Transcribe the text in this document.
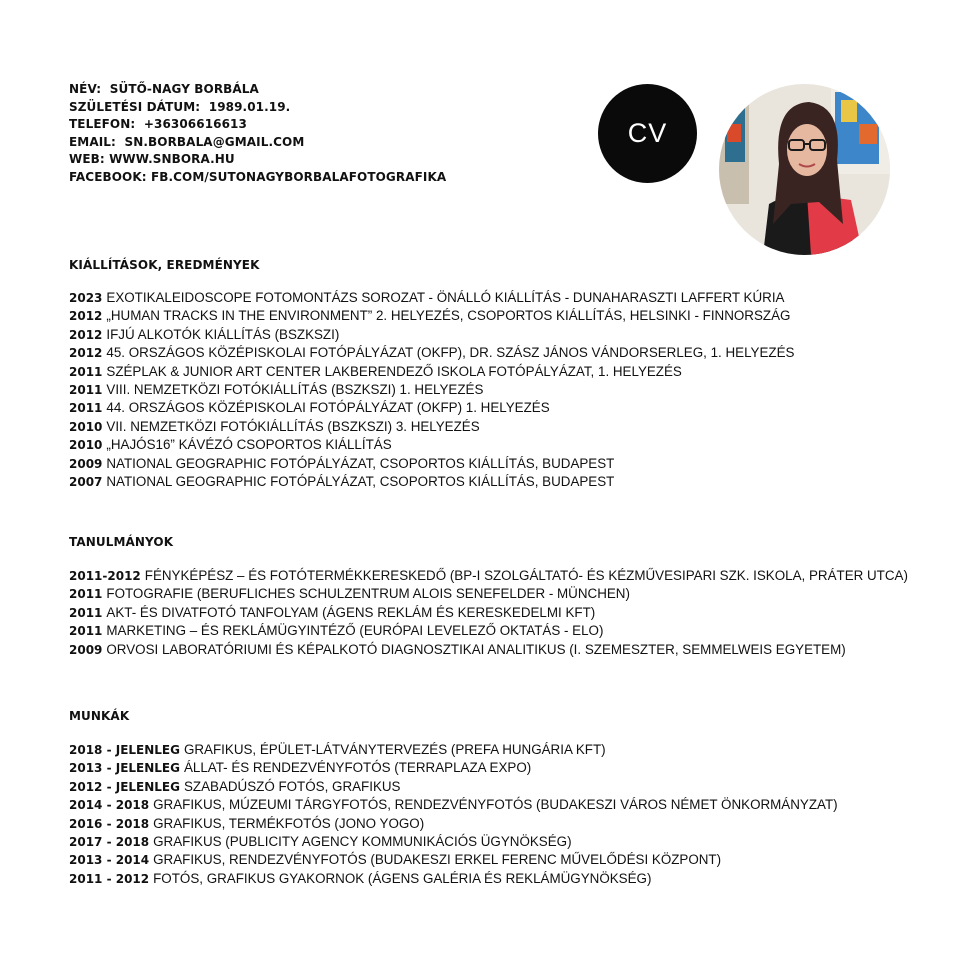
NÉV: SÜTŐ-NAGY BORBÁLA
SZÜLETÉSI DÁTUM: 1989.01.19.
TELEFON: +36306616613
EMAIL: SN.BORBALA@GMAIL.COM
WEB: WWW.SNBORA.HU
FACEBOOK: FB.COM/SUTONAGYBORBALAFOTOGRAFIKA
CV
KIÁLLÍTÁSOK, EREDMÉNYEK
2023 EXOTIKALEIDOSCOPE FOTOMONTÁZS SOROZAT - ÖNÁLLÓ KIÁLLÍTÁS - DUNAHARASZTI LAFFERT KÚRIA
2012 „HUMAN TRACKS IN THE ENVIRONMENT” 2. HELYEZÉS, CSOPORTOS KIÁLLÍTÁS, HELSINKI - FINNORSZÁG
2012 IFJÚ ALKOTÓK KIÁLLÍTÁS (BSZKSZI)
2012 45. ORSZÁGOS KÖZÉPISKOLAI FOTÓPÁLYÁZAT (OKFP), DR. SZÁSZ JÁNOS VÁNDORSERLEG, 1. HELYEZÉS
2011 SZÉPLAK & JUNIOR ART CENTER LAKBERENDEZŐ ISKOLA FOTÓPÁLYÁZAT, 1. HELYEZÉS
2011 VIII. NEMZETKÖZI FOTÓKIÁLLÍTÁS (BSZKSZI) 1. HELYEZÉS
2011 44. ORSZÁGOS KÖZÉPISKOLAI FOTÓPÁLYÁZAT (OKFP) 1. HELYEZÉS
2010 VII. NEMZETKÖZI FOTÓKIÁLLÍTÁS (BSZKSZI) 3. HELYEZÉS
2010 „HAJÓS16” KÁVÉZÓ CSOPORTOS KIÁLLÍTÁS
2009 NATIONAL GEOGRAPHIC FOTÓPÁLYÁZAT, CSOPORTOS KIÁLLÍTÁS, BUDAPEST
2007 NATIONAL GEOGRAPHIC FOTÓPÁLYÁZAT, CSOPORTOS KIÁLLÍTÁS, BUDAPEST
TANULMÁNYOK
2011-2012 FÉNYKÉPÉSZ – ÉS FOTÓTERMÉKKERESKEDŐ (BP-I SZOLGÁLTATÓ- ÉS KÉZMŰVESIPARI SZK. ISKOLA, PRÁTER UTCA)
2011 FOTOGRAFIE (BERUFLICHES SCHULZENTRUM ALOIS SENEFELDER - MÜNCHEN)
2011 AKT- ÉS DIVATFOTÓ TANFOLYAM (ÁGENS REKLÁM ÉS KERESKEDELMI KFT)
2011 MARKETING – ÉS REKLÁMÜGYINTÉZŐ (EURÓPAI LEVELEZŐ OKTATÁS - ELO)
2009 ORVOSI LABORATÓRIUMI ÉS KÉPALKOTÓ DIAGNOSZTIKAI ANALITIKUS (I. SZEMESZTER, SEMMELWEIS EGYETEM)
MUNKÁK
2018 - JELENLEG GRAFIKUS, ÉPÜLET-LÁTVÁNYTERVEZÉS (PREFA HUNGÁRIA KFT)
2013 - JELENLEG ÁLLAT- ÉS RENDEZVÉNYFOTÓS (TERRAPLAZA EXPO)
2012 - JELENLEG SZABADÚSZÓ FOTÓS, GRAFIKUS
2014 - 2018 GRAFIKUS, MÚZEUMI TÁRGYFOTÓS, RENDEZVÉNYFOTÓS (BUDAKESZI VÁROS NÉMET ÖNKORMÁNYZAT)
2016 - 2018 GRAFIKUS, TERMÉKFOTÓS (JONO YOGO)
2017 - 2018 GRAFIKUS (PUBLICITY AGENCY KOMMUNIKÁCIÓS ÜGYNÖKSÉG)
2013 - 2014 GRAFIKUS, RENDEZVÉNYFOTÓS (BUDAKESZI ERKEL FERENC MŰVELŐDÉSI KÖZPONT)
2011 - 2012 FOTÓS, GRAFIKUS GYAKORNOK (ÁGENS GALÉRIA ÉS REKLÁMÜGYNÖKSÉG)
